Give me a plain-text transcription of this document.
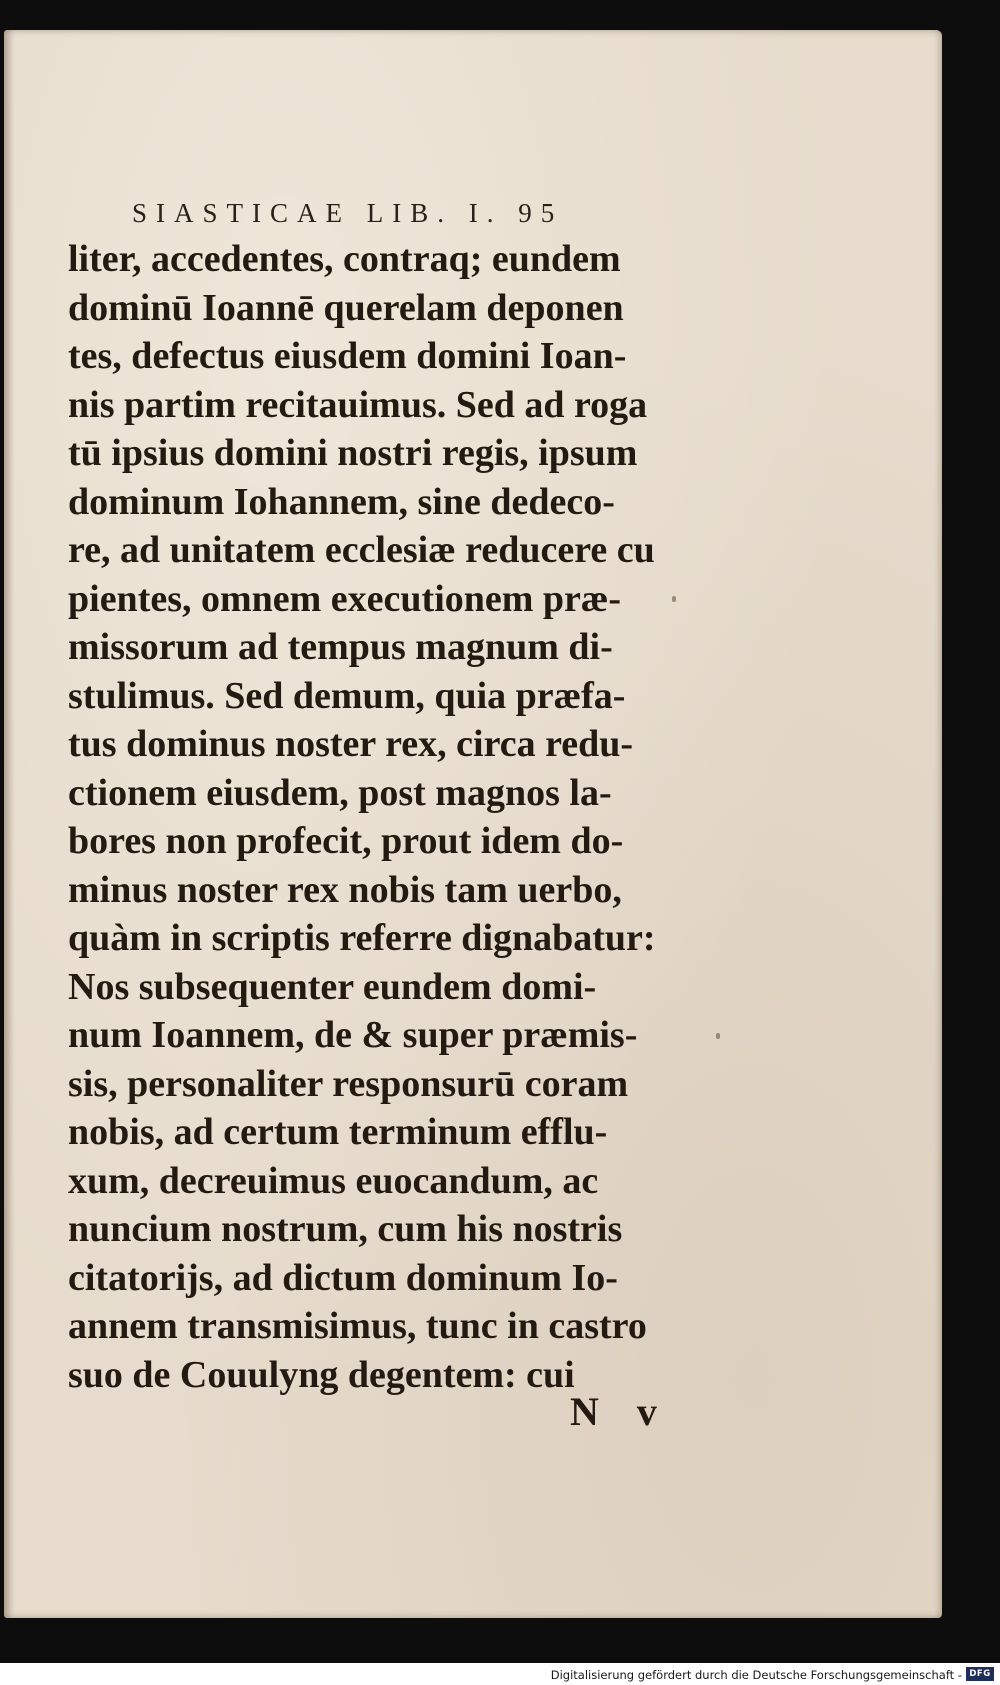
SIASTICAE LIB. I. 95
liter, accedentes, contraq; eundem
dominū Ioannē querelam deponen
tes, defectus eiusdem domini Ioan-
nis partim recitauimus. Sed ad roga
tū ipsius domini nostri regis, ipsum
dominum Iohannem, sine dedeco-
re, ad unitatem ecclesiæ reducere cu
pientes, omnem executionem præ-
missorum ad tempus magnum di-
stulimus. Sed demum, quia præfa-
tus dominus noster rex, circa redu-
ctionem eiusdem, post magnos la-
bores non profecit, prout idem do-
minus noster rex nobis tam uerbo,
quàm in scriptis referre dignabatur:
Nos subsequenter eundem domi-
num Ioannem, de & super præmis-
sis, personaliter responsurū coram
nobis, ad certum terminum efflu-
xum, decreuimus euocandum, ac
nuncium nostrum, cum his nostris
citatorijs, ad dictum dominum Io-
annem transmisimus, tunc in castro
suo de Couulyng degentem: cui
N v
Digitalisierung gefördert durch die Deutsche Forschungsgemeinschaft - DFG
